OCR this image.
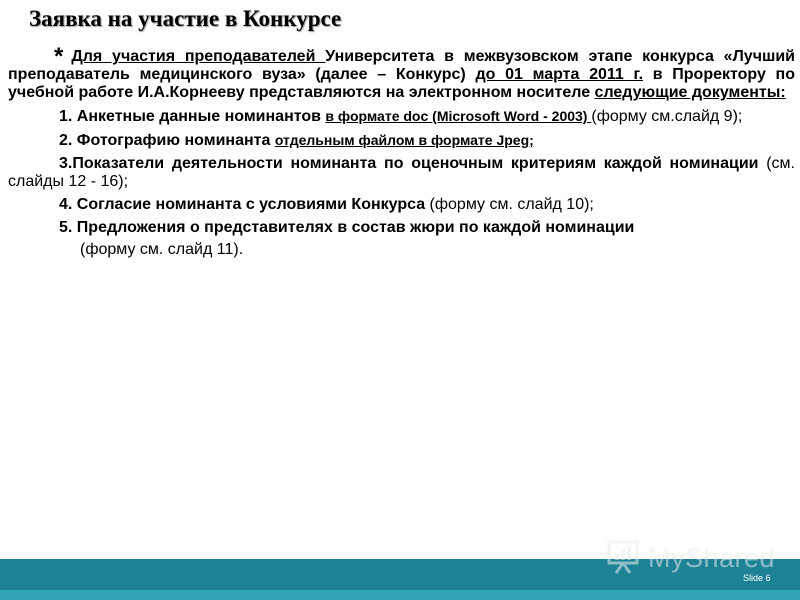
Заявка на участие в Конкурсе

* Для участия преподавателей Университета в межвузовском этапе конкурса «Лучший преподаватель медицинского вуза» (далее – Конкурс) до 01 марта 2011 г. в Проректору по учебной работе И.А.Корнееву представляются на электронном носителе следующие документы:

1. Анкетные данные номинантов в формате doc (Microsoft Word - 2003) (форму см.слайд 9);

2. Фотографию номинанта отдельным файлом в формате Jpeg;

3.Показатели деятельности номинанта по оценочным критериям каждой номинации (см. слайды 12 - 16);

4. Согласие номинанта с условиями Конкурса (форму см. слайд 10);

5. Предложения о представителях в состав жюри по каждой номинации

(форму см. слайд 11).

MyShared
Slide 6
